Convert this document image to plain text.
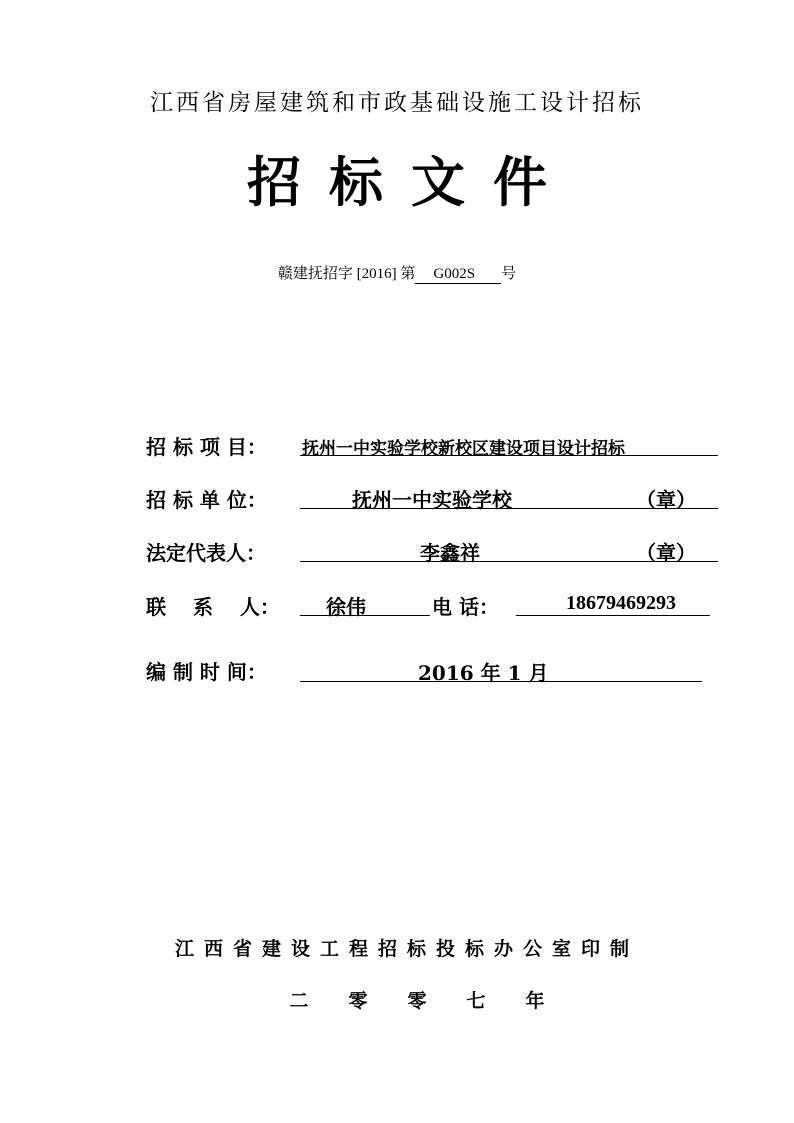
江西省房屋建筑和市政基础设施工设计招标
招 标 文 件
赣建抚招字 [2016] 第 G002S 号
招 标 项 目： 抚州一中实验学校新校区建设项目设计招标
招 标 单 位：	抚州一中实验学校	（章）
法定代表人：	李鑫祥	（章）
联　 系　 人： 徐伟	电 话：	18679469293
编 制 时 间：	2016 年 1 月
江西省建设工程招标投标办公室印制
二零零七年
